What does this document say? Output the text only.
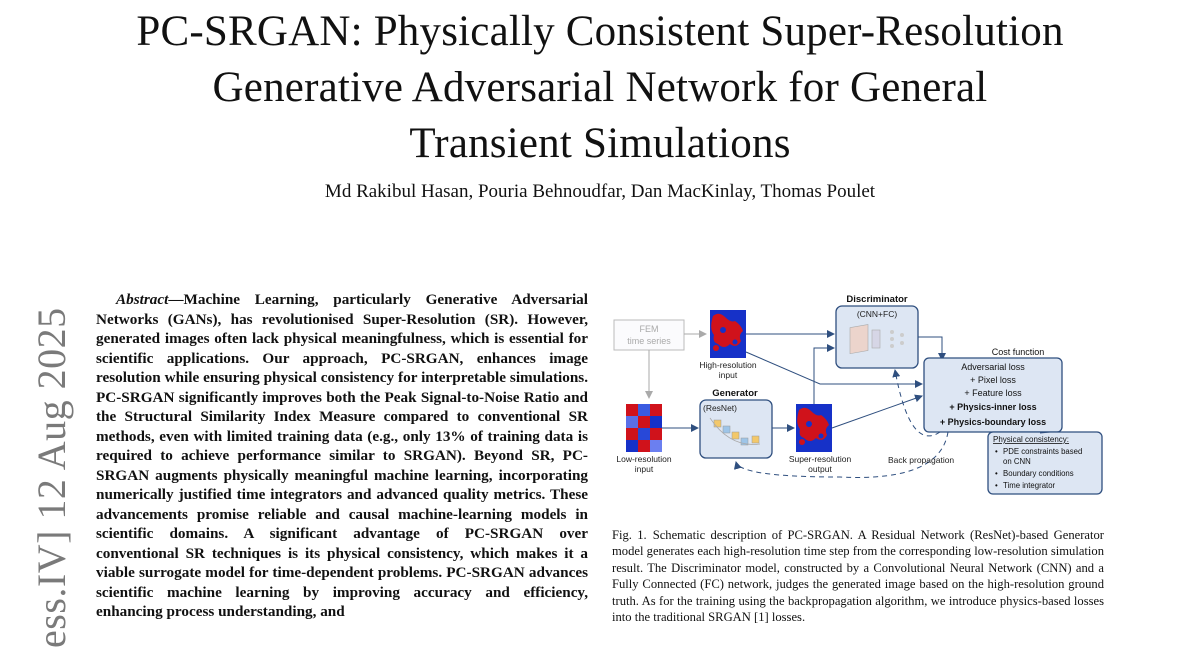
PC-SRGAN: Physically Consistent Super-Resolution
Generative Adversarial Network for General
Transient Simulations
Md Rakibul Hasan, Pouria Behnoudfar, Dan MacKinlay, Thomas Poulet
ess.IV] 12 Aug 2025

Abstract—Machine Learning, particularly Generative Adversarial Networks (GANs), has revolutionised Super-Resolution (SR). However, generated images often lack physical meaningfulness, which is essential for scientific applications. Our approach, PC-SRGAN, enhances image resolution while ensuring physical consistency for interpretable simulations. PC-SRGAN significantly improves both the Peak Signal-to-Noise Ratio and the Structural Similarity Index Measure compared to conventional SR methods, even with limited training data (e.g., only 13% of training data is required to achieve performance similar to SRGAN). Beyond SR, PC-SRGAN augments physically meaningful machine learning, incorporating numerically justified time integrators and advanced quality metrics. These advancements promise reliable and causal machine-learning models in scientific domains. A significant advantage of PC-SRGAN over conventional SR techniques is its physical consistency, which makes it a viable surrogate model for time-dependent problems. PC-SRGAN advances scientific machine learning by improving accuracy and efficiency, enhancing process understanding, and

FEM
time series
High-resolution
input
Low-resolution
input
Generator
(ResNet)
Super-resolution
output
Discriminator
(CNN+FC)
Cost function
Adversarial loss
+ Pixel loss
+ Feature loss
+ Physics-inner loss
+ Physics-boundary loss
Back propagation
Physical consistency:
• PDE constraints based
on CNN
• Boundary conditions
• Time integrator
Fig. 1. Schematic description of PC-SRGAN. A Residual Network (ResNet)-based Generator model generates each high-resolution time step from the corresponding low-resolution simulation result. The Discriminator model, constructed by a Convolutional Neural Network (CNN) and a Fully Connected (FC) network, judges the generated image based on the high-resolution ground truth. As for the training using the backpropagation algorithm, we introduce physics-based losses into the traditional SRGAN [1] losses.
